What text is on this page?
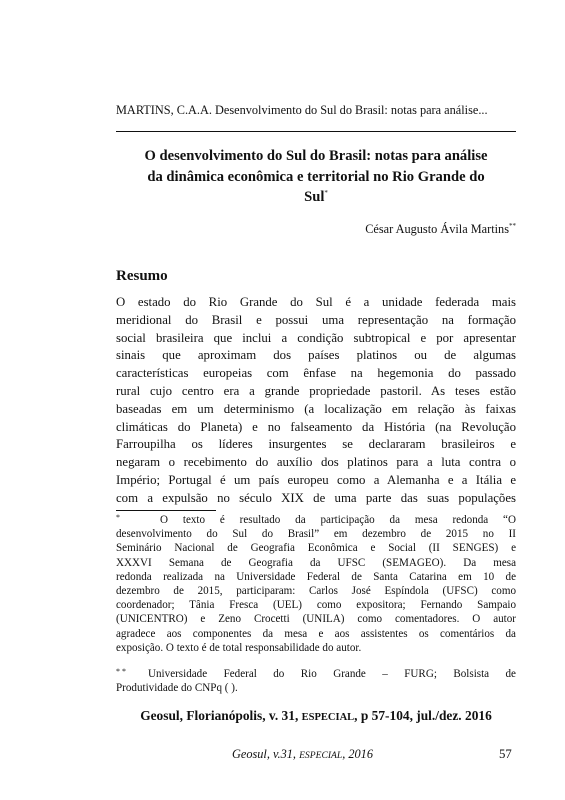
MARTINS, C.A.A. Desenvolvimento do Sul do Brasil: notas para análise...
O desenvolvimento do Sul do Brasil: notas para análise
da dinâmica econômica e territorial no Rio Grande do
Sul*
César Augusto Ávila Martins**
Resumo
O estado do Rio Grande do Sul é a unidade federada mais
meridional do Brasil e possui uma representação na formação
social brasileira que inclui a condição subtropical e por apresentar
sinais que aproximam dos países platinos ou de algumas
características europeias com ênfase na hegemonia do passado
rural cujo centro era a grande propriedade pastoril. As teses estão
baseadas em um determinismo (a localização em relação às faixas
climáticas do Planeta) e no falseamento da História (na Revolução
Farroupilha os líderes insurgentes se declararam brasileiros e
negaram o recebimento do auxílio dos platinos para a luta contra o
Império; Portugal é um país europeu como a Alemanha e a Itália e
com a expulsão no século XIX de uma parte das suas populações
*	O texto é resultado da participação da mesa redonda “O
desenvolvimento do Sul do Brasil” em dezembro de 2015 no II
Seminário Nacional de Geografia Econômica e Social (II SENGES) e
XXXVI Semana de Geografia da UFSC (SEMAGEO). Da mesa
redonda realizada na Universidade Federal de Santa Catarina em 10 de
dezembro de 2015, participaram: Carlos José Espíndola (UFSC) como
coordenador; Tânia Fresca (UEL) como expositora; Fernando Sampaio
(UNICENTRO) e Zeno Crocetti (UNILA) como comentadores. O autor
agradece aos componentes da mesa e aos assistentes os comentários da
exposição. O texto é de total responsabilidade do autor.
* *	Universidade Federal do Rio Grande – FURG; Bolsista de
Produtividade do CNPq ( ).
Geosul, Florianópolis, v. 31, ESPECIAL, p 57-104, jul./dez. 2016
Geosul, v.31, ESPECIAL, 2016	57
